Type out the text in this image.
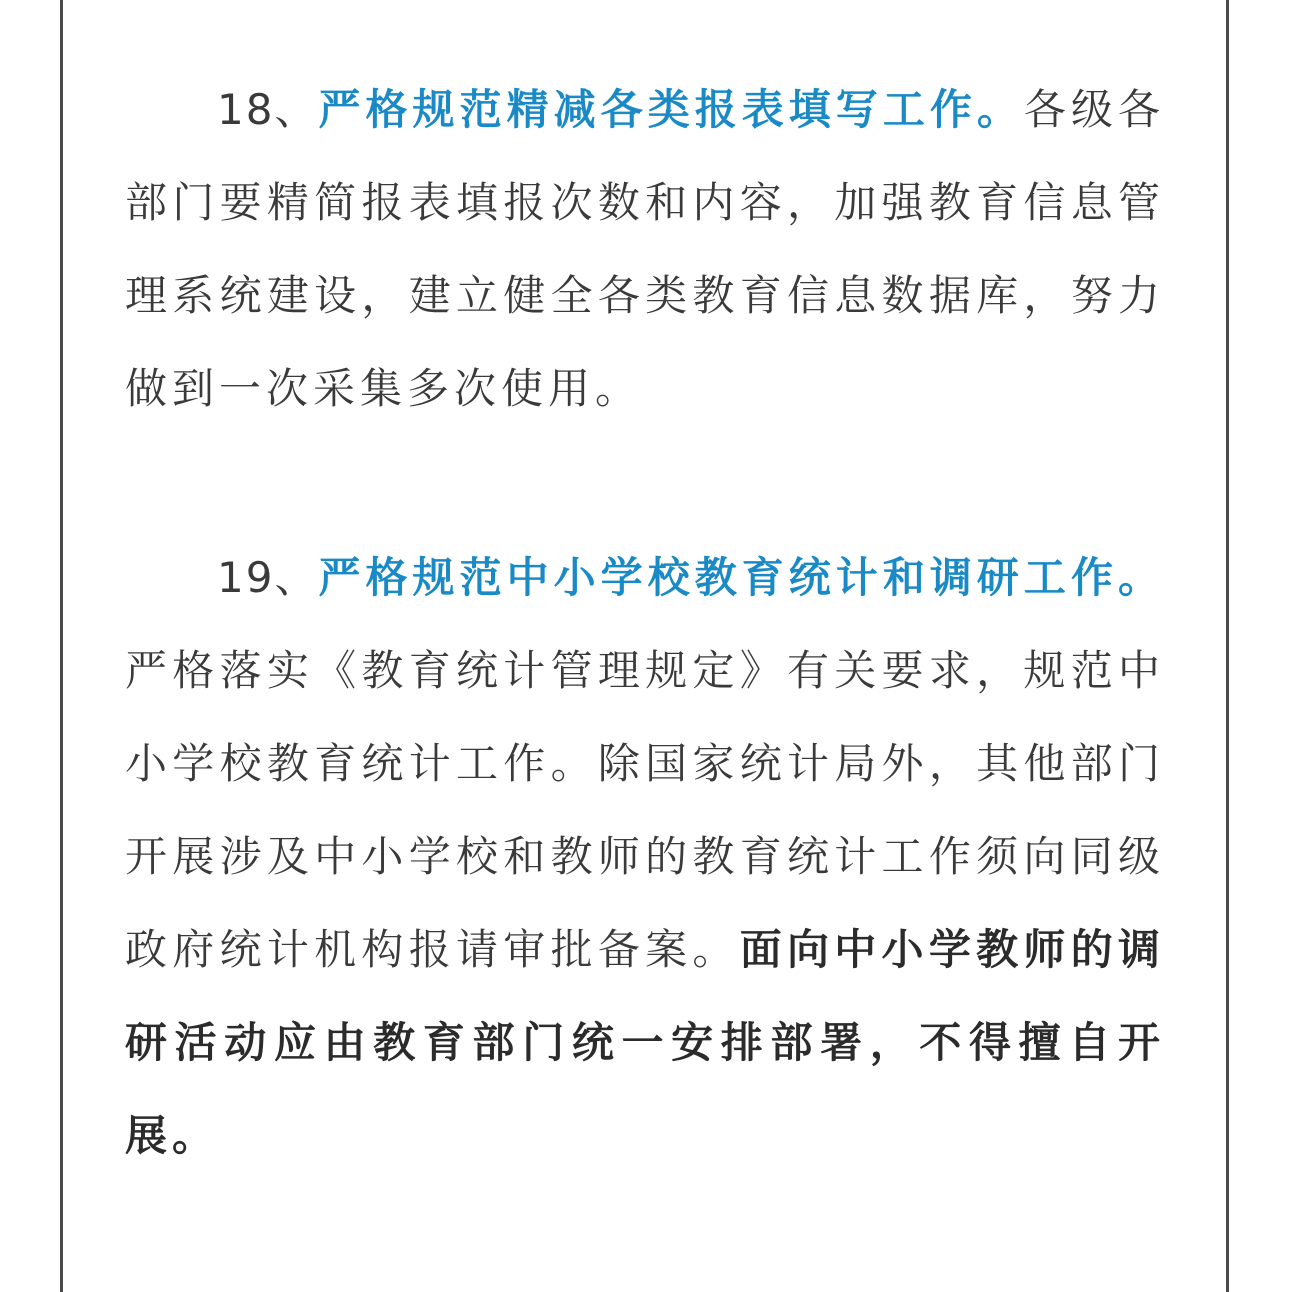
18、严格规范精减各类报表填写工作。各级各部门要精简报表填报次数和内容，加强教育信息管理系统建设，建立健全各类教育信息数据库，努力做到一次采集多次使用。

19、严格规范中小学校教育统计和调研工作。严格落实《教育统计管理规定》有关要求，规范中小学校教育统计工作。除国家统计局外，其他部门开展涉及中小学校和教师的教育统计工作须向同级政府统计机构报请审批备案。面向中小学教师的调研活动应由教育部门统一安排部署，不得擅自开展。
